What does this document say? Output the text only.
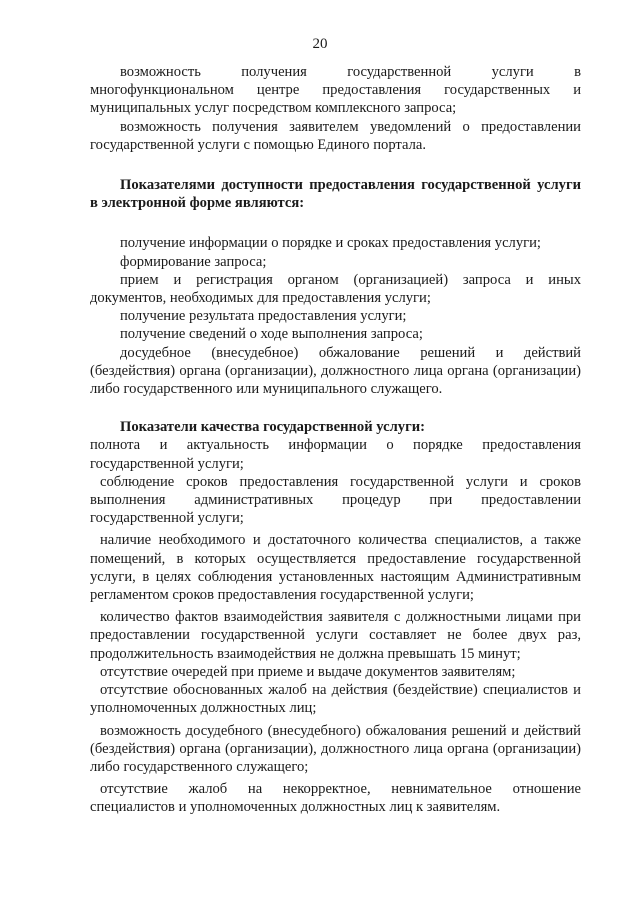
20

возможность получения государственной услуги в многофункциональном центре предоставления государственных и муниципальных услуг посредством комплексного запроса;

возможность получения заявителем уведомлений о предоставлении государственной услуги с помощью Единого портала.

Показателями доступности предоставления государственной услуги в электронной форме являются:

получение информации о порядке и сроках предоставления услуги;

формирование запроса;

прием и регистрация органом (организацией) запроса и иных документов, необходимых для предоставления услуги;

получение результата предоставления услуги;

получение сведений о ходе выполнения запроса;

досудебное (внесудебное) обжалование решений и действий (бездействия) органа (организации), должностного лица органа (организации) либо государственного или муниципального служащего.

Показатели качества государственной услуги:

полнота и актуальность информации о порядке предоставления государственной услуги;

соблюдение сроков предоставления государственной услуги и сроков выполнения административных процедур при предоставлении государственной услуги;

наличие необходимого и достаточного количества специалистов, а также помещений, в которых осуществляется предоставление государственной услуги, в целях соблюдения установленных настоящим Административным регламентом сроков предоставления государственной услуги;

количество фактов взаимодействия заявителя с должностными лицами при предоставлении государственной услуги составляет не более двух раз, продолжительность взаимодействия не должна превышать 15 минут;

отсутствие очередей при приеме и выдаче документов заявителям;

отсутствие обоснованных жалоб на действия (бездействие) специалистов и уполномоченных должностных лиц;

возможность досудебного (внесудебного) обжалования решений и действий (бездействия) органа (организации), должностного лица органа (организации) либо государственного служащего;

отсутствие жалоб на некорректное, невнимательное отношение специалистов и уполномоченных должностных лиц к заявителям.
